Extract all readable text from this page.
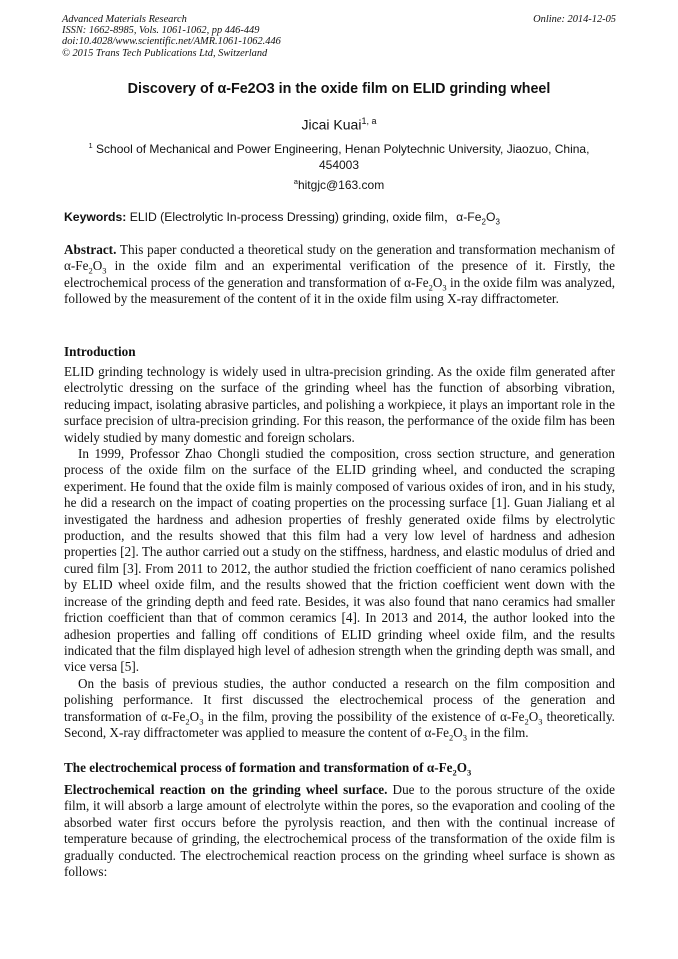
Advanced Materials Research
ISSN: 1662-8985, Vols. 1061-1062, pp 446-449
doi:10.4028/www.scientific.net/AMR.1061-1062.446
© 2015 Trans Tech Publications Ltd, Switzerland
Online: 2014-12-05
Discovery of α-Fe2O3 in the oxide film on ELID grinding wheel
Jicai Kuai$^{1, a}$
$^1$ School of Mechanical and Power Engineering, Henan Polytechnic University, Jiaozuo, China, 454003
$^a$hitgjc@163.com
Keywords: ELID (Electrolytic In-process Dressing) grinding, oxide film，$\alpha-Fe_2O_3$

Abstract. This paper conducted a theoretical study on the generation and transformation mechanism of $\alpha-Fe_2O_3$ in the oxide film and an experimental verification of the presence of it. Firstly, the electrochemical process of the generation and transformation of $\alpha-Fe_2O_3$ in the oxide film was analyzed, followed by the measurement of the content of it in the oxide film using X-ray diffractometer.

Introduction

ELID grinding technology is widely used in ultra-precision grinding. As the oxide film generated after electrolytic dressing on the surface of the grinding wheel has the function of absorbing vibration, reducing impact, isolating abrasive particles, and polishing a workpiece, it plays an important role in the surface precision of ultra-precision grinding. For this reason, the performance of the oxide film has been widely studied by many domestic and foreign scholars.

In 1999, Professor Zhao Chongli studied the composition, cross section structure, and generation process of the oxide film on the surface of the ELID grinding wheel, and conducted the scraping experiment. He found that the oxide film is mainly composed of various oxides of iron, and in his study, he did a research on the impact of coating properties on the processing surface [1]. Guan Jialiang et al investigated the hardness and adhesion properties of freshly generated oxide films by electrolytic production, and the results showed that this film had a very low level of hardness and adhesion properties [2]. The author carried out a study on the stiffness, hardness, and elastic modulus of dried and cured film [3]. From 2011 to 2012, the author studied the friction coefficient of nano ceramics polished by ELID wheel oxide film, and the results showed that the friction coefficient went down with the increase of the grinding depth and feed rate. Besides, it was also found that nano ceramics had smaller friction coefficient than that of common ceramics [4]. In 2013 and 2014, the author looked into the adhesion properties and falling off conditions of ELID grinding wheel oxide film, and the results indicated that the film displayed high level of adhesion strength when the grinding depth was small, and vice versa [5].

On the basis of previous studies, the author conducted a research on the film composition and polishing performance. It first discussed the electrochemical process of the generation and transformation of $\alpha-Fe_2O_3$ in the film, proving the possibility of the existence of $\alpha-Fe_2O_3$ theoretically. Second, X-ray diffractometer was applied to measure the content of $\alpha-Fe_2O_3$ in the film.

The electrochemical process of formation and transformation of $\alpha-Fe_2O_3$

Electrochemical reaction on the grinding wheel surface. Due to the porous structure of the oxide film, it will absorb a large amount of electrolyte within the pores, so the evaporation and cooling of the absorbed water first occurs before the pyrolysis reaction, and then with the continual increase of temperature because of grinding, the electrochemical process of the transformation of the oxide film is gradually conducted. The electrochemical reaction process on the grinding wheel surface is shown as follows:
